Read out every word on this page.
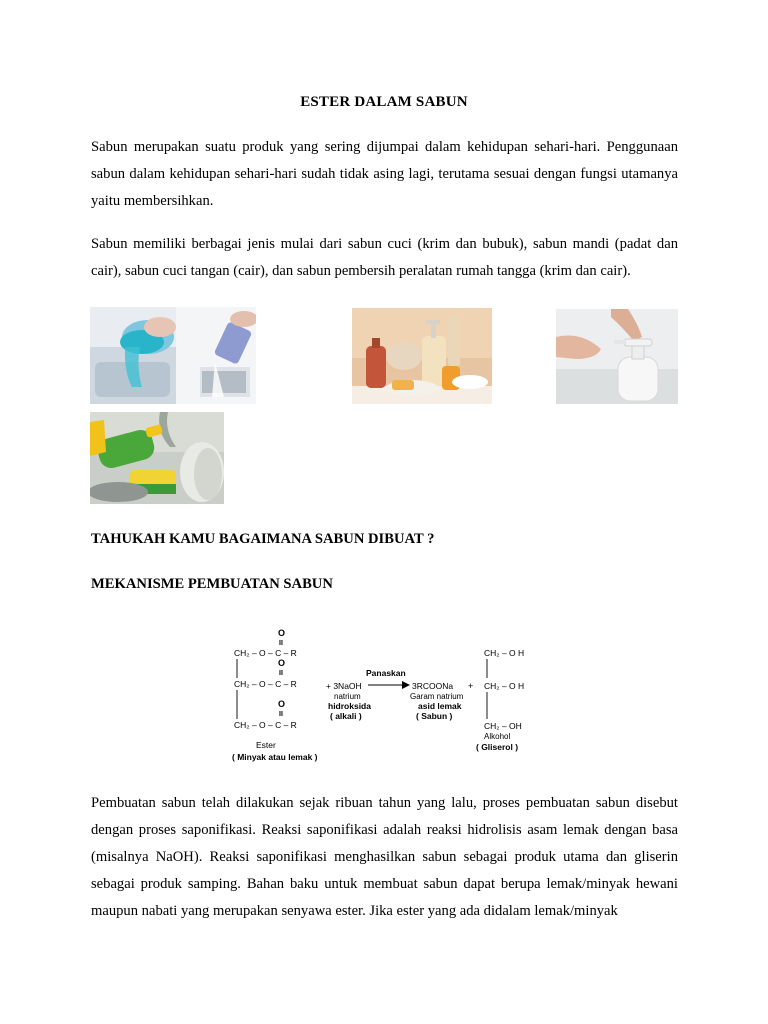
ESTER DALAM SABUN

Sabun merupakan suatu produk yang sering dijumpai dalam kehidupan sehari-hari. Penggunaan sabun dalam kehidupan sehari-hari sudah tidak asing lagi, terutama sesuai dengan fungsi utamanya yaitu membersihkan.

Sabun memiliki berbagai jenis mulai dari sabun cuci (krim dan bubuk), sabun mandi (padat dan cair), sabun cuci tangan (cair), dan sabun pembersih peralatan rumah tangga (krim dan cair).

TAHUKAH KAMU BAGAIMANA SABUN DIBUAT ?
MEKANISME PEMBUATAN SABUN
O
II
CH₂ – O – C – R
O
II
CH₂ – O – C – R
O
II
CH₂ – O – C – R
Ester
( Minyak atau lemak )
+ 3NaOH
natrium
hidroksida
( alkali )
Panaskan
3RCOONa
Garam natrium
asid lemak
( Sabun )
+
CH₂ – O H
CH₂ – O H
CH₂ – OH
Alkohol
( Gliserol )

Pembuatan sabun telah dilakukan sejak ribuan tahun yang lalu, proses pembuatan sabun disebut dengan proses saponifikasi. Reaksi saponifikasi adalah reaksi hidrolisis asam lemak dengan basa (misalnya NaOH). Reaksi saponifikasi menghasilkan sabun sebagai produk utama dan gliserin sebagai produk samping. Bahan baku untuk membuat sabun dapat berupa lemak/minyak hewani maupun nabati yang merupakan senyawa ester. Jika ester yang ada didalam lemak/minyak
